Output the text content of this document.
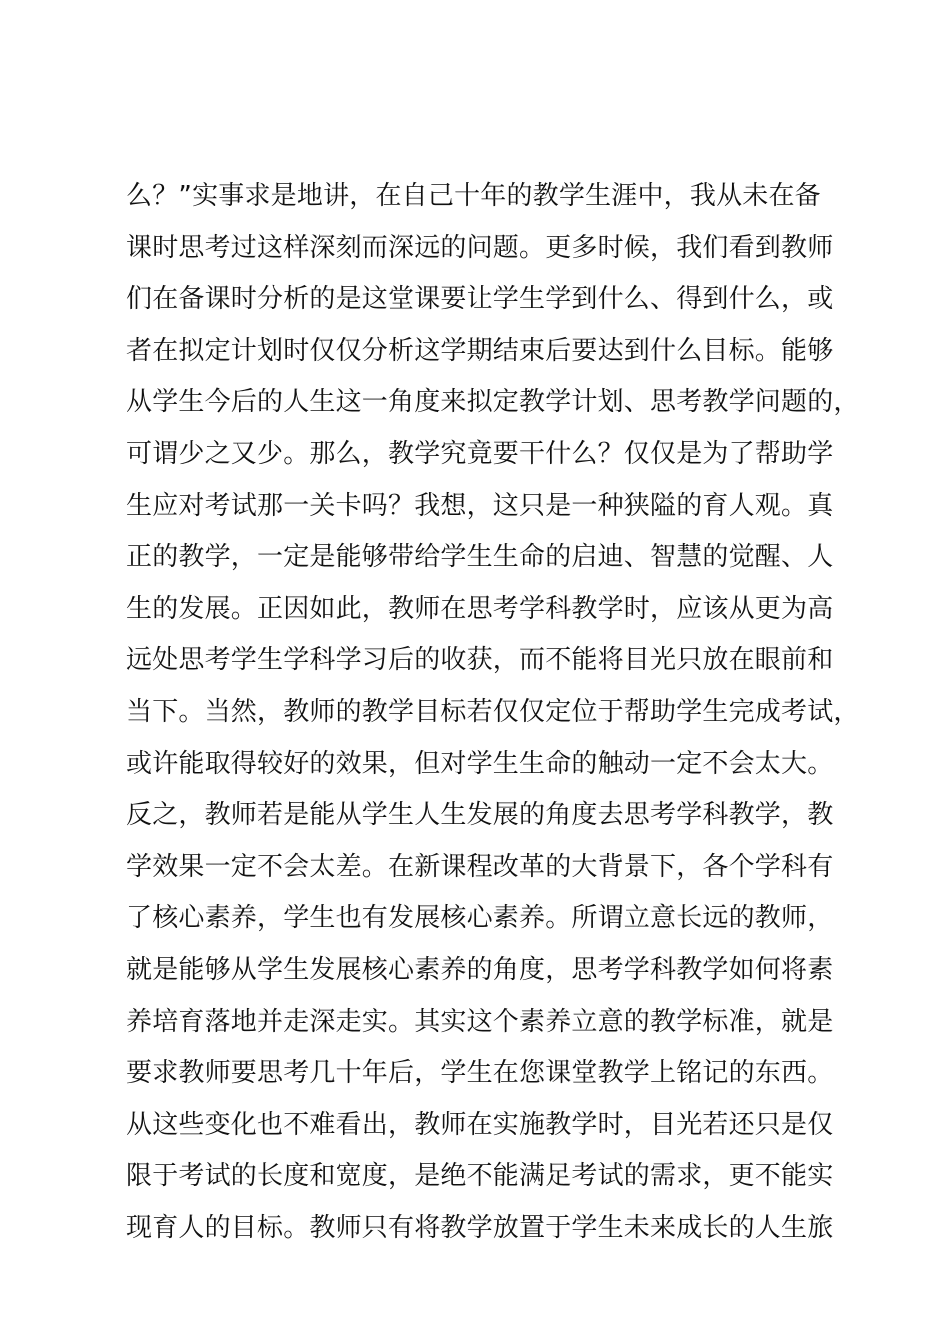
么？”实事求是地讲，在自己十年的教学生涯中，我从未在备
课时思考过这样深刻而深远的问题。更多时候，我们看到教师
们在备课时分析的是这堂课要让学生学到什么、得到什么，或
者在拟定计划时仅仅分析这学期结束后要达到什么目标。能够
从学生今后的人生这一角度来拟定教学计划、思考教学问题的，
可谓少之又少。那么，教学究竟要干什么？仅仅是为了帮助学
生应对考试那一关卡吗？我想，这只是一种狭隘的育人观。真
正的教学，一定是能够带给学生生命的启迪、智慧的觉醒、人
生的发展。正因如此，教师在思考学科教学时，应该从更为高
远处思考学生学科学习后的收获，而不能将目光只放在眼前和
当下。当然，教师的教学目标若仅仅定位于帮助学生完成考试，
或许能取得较好的效果，但对学生生命的触动一定不会太大。
反之，教师若是能从学生人生发展的角度去思考学科教学，教
学效果一定不会太差。在新课程改革的大背景下，各个学科有
了核心素养，学生也有发展核心素养。所谓立意长远的教师，
就是能够从学生发展核心素养的角度，思考学科教学如何将素
养培育落地并走深走实。其实这个素养立意的教学标准，就是
要求教师要思考几十年后，学生在您课堂教学上铭记的东西。
从这些变化也不难看出，教师在实施教学时，目光若还只是仅
限于考试的长度和宽度，是绝不能满足考试的需求，更不能实
现育人的目标。教师只有将教学放置于学生未来成长的人生旅
